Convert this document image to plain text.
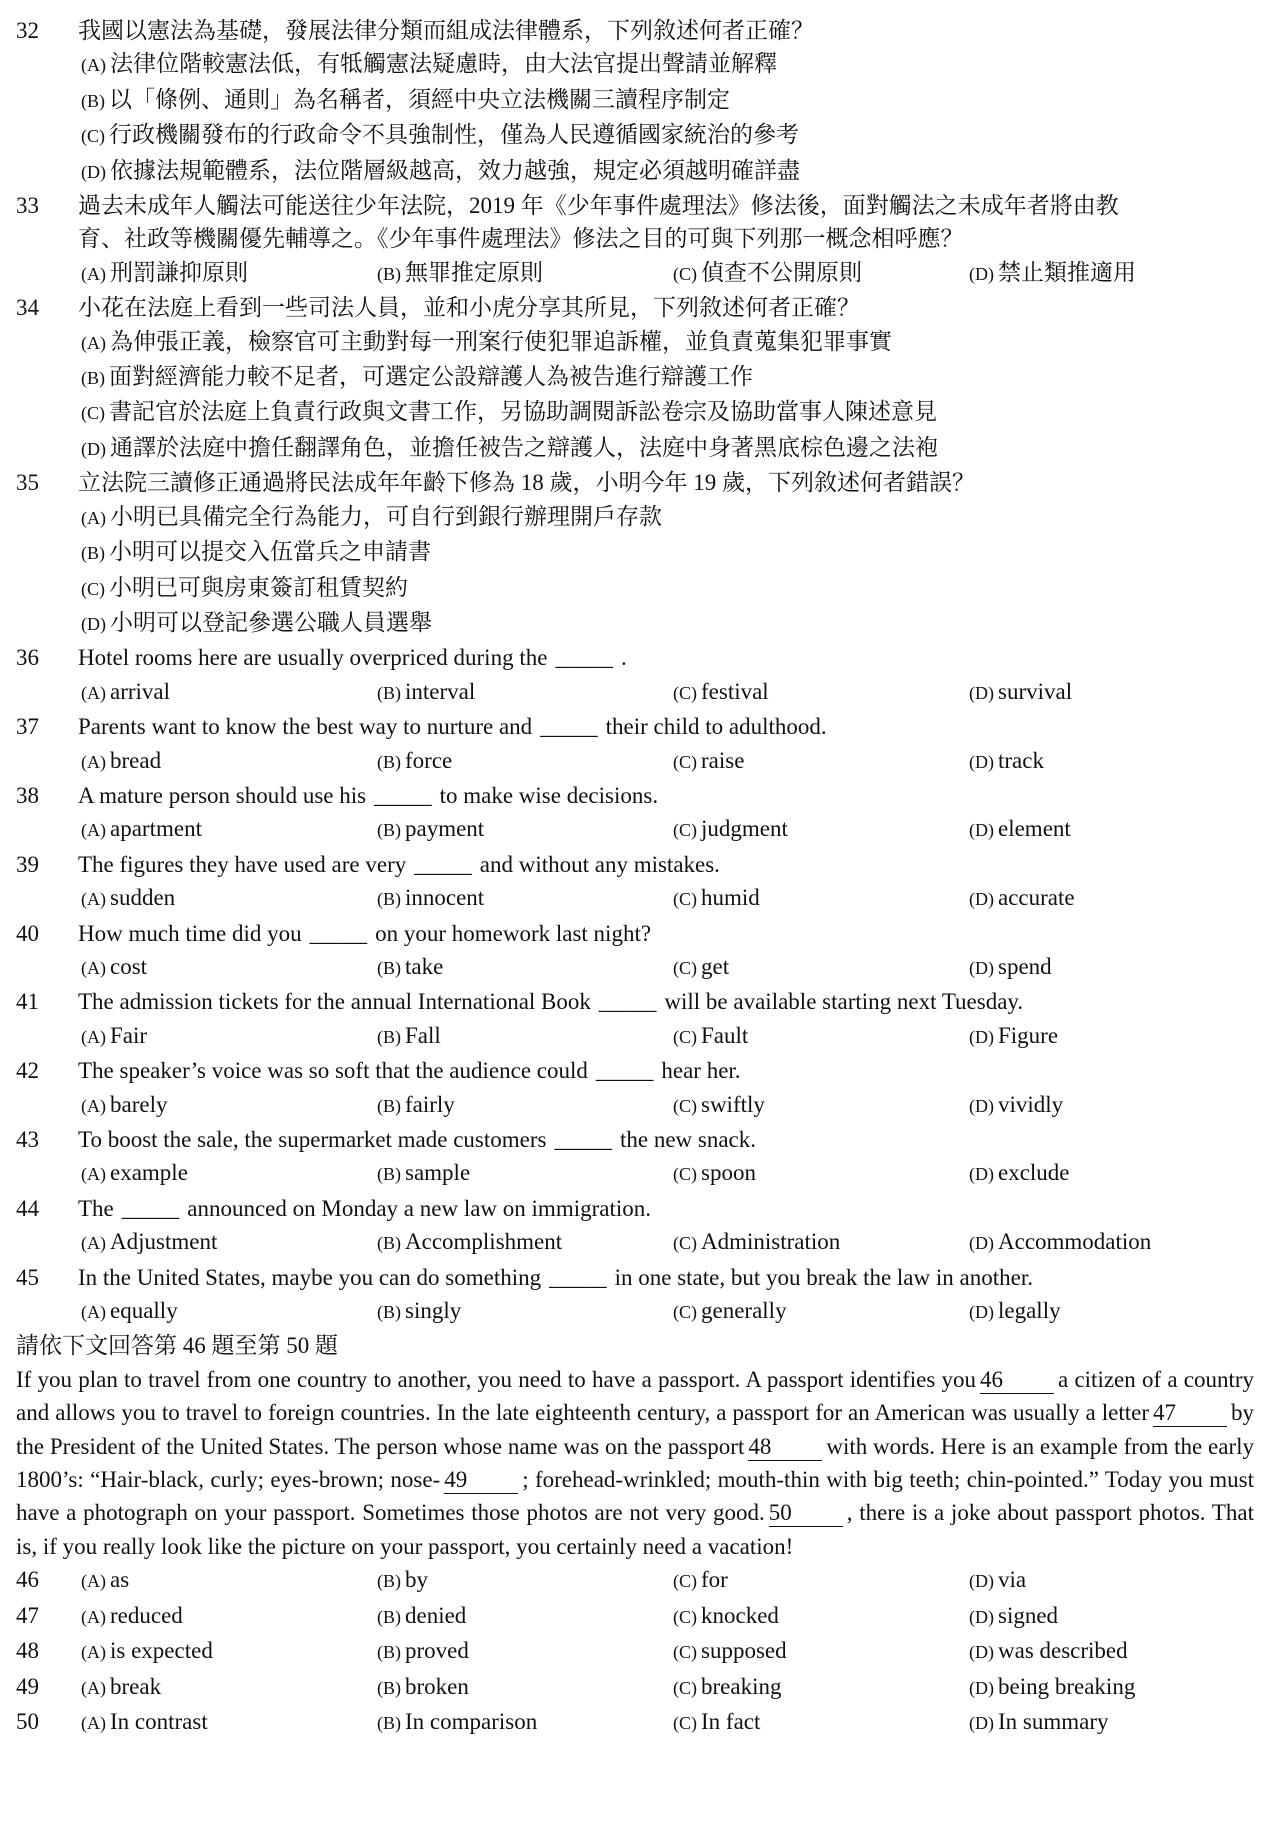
32	我國以憲法為基礎，發展法律分類而組成法律體系，下列敘述何者正確？
(A) 法律位階較憲法低，有牴觸憲法疑慮時，由大法官提出聲請並解釋
(B) 以「條例、通則」為名稱者，須經中央立法機關三讀程序制定
(C) 行政機關發布的行政命令不具強制性，僅為人民遵循國家統治的參考
(D) 依據法規範體系，法位階層級越高，效力越強，規定必須越明確詳盡
33	過去未成年人觸法可能送往少年法院，2019 年《少年事件處理法》修法後，面對觸法之未成年者將由教
育、社政等機關優先輔導之。《少年事件處理法》修法之目的可與下列那一概念相呼應？
(A) 刑罰謙抑原則	(B) 無罪推定原則	(C) 偵查不公開原則	(D) 禁止類推適用
34	小花在法庭上看到一些司法人員，並和小虎分享其所見，下列敘述何者正確？
(A) 為伸張正義，檢察官可主動對每一刑案行使犯罪追訴權，並負責蒐集犯罪事實
(B) 面對經濟能力較不足者，可選定公設辯護人為被告進行辯護工作
(C) 書記官於法庭上負責行政與文書工作，另協助調閱訴訟卷宗及協助當事人陳述意見
(D) 通譯於法庭中擔任翻譯角色，並擔任被告之辯護人，法庭中身著黑底棕色邊之法袍
35	立法院三讀修正通過將民法成年年齡下修為 18 歲，小明今年 19 歲，下列敘述何者錯誤？
(A) 小明已具備完全行為能力，可自行到銀行辦理開戶存款
(B) 小明可以提交入伍當兵之申請書
(C) 小明已可與房東簽訂租賃契約
(D) 小明可以登記參選公職人員選舉
36	Hotel rooms here are usually overpriced during the _____ .
(A) arrival	(B) interval	(C) festival	(D) survival
37	Parents want to know the best way to nurture and _____ their child to adulthood.
(A) bread	(B) force	(C) raise	(D) track
38	A mature person should use his _____ to make wise decisions.
(A) apartment	(B) payment	(C) judgment	(D) element
39	The figures they have used are very _____ and without any mistakes.
(A) sudden	(B) innocent	(C) humid	(D) accurate
40	How much time did you _____ on your homework last night?
(A) cost	(B) take	(C) get	(D) spend
41	The admission tickets for the annual International Book _____ will be available starting next Tuesday.
(A) Fair	(B) Fall	(C) Fault	(D) Figure
42	The speaker’s voice was so soft that the audience could _____ hear her.
(A) barely	(B) fairly	(C) swiftly	(D) vividly
43	To boost the sale, the supermarket made customers _____ the new snack.
(A) example	(B) sample	(C) spoon	(D) exclude
44	The _____ announced on Monday a new law on immigration.
(A) Adjustment	(B) Accomplishment	(C) Administration	(D) Accommodation
45	In the United States, maybe you can do something _____ in one state, but you break the law in another.
(A) equally	(B) singly	(C) generally	(D) legally
請依下文回答第 46 題至第 50 題
If you plan to travel from one country to another, you need to have a passport. A passport identifies you 46 a citizen of a country and allows you to travel to foreign countries. In the late eighteenth century, a passport for an American was usually a letter 47 by the President of the United States. The person whose name was on the passport 48 with words. Here is an example from the early 1800’s: “Hair-black, curly; eyes-brown; nose- 49 ; forehead-wrinkled; mouth-thin with big teeth; chin-pointed.” Today you must have a photograph on your passport. Sometimes those photos are not very good. 50 , there is a joke about passport photos. That is, if you really look like the picture on your passport, you certainly need a vacation!
46	(A) as	(B) by	(C) for	(D) via
47	(A) reduced	(B) denied	(C) knocked	(D) signed
48	(A) is expected	(B) proved	(C) supposed	(D) was described
49	(A) break	(B) broken	(C) breaking	(D) being breaking
50	(A) In contrast	(B) In comparison	(C) In fact	(D) In summary
